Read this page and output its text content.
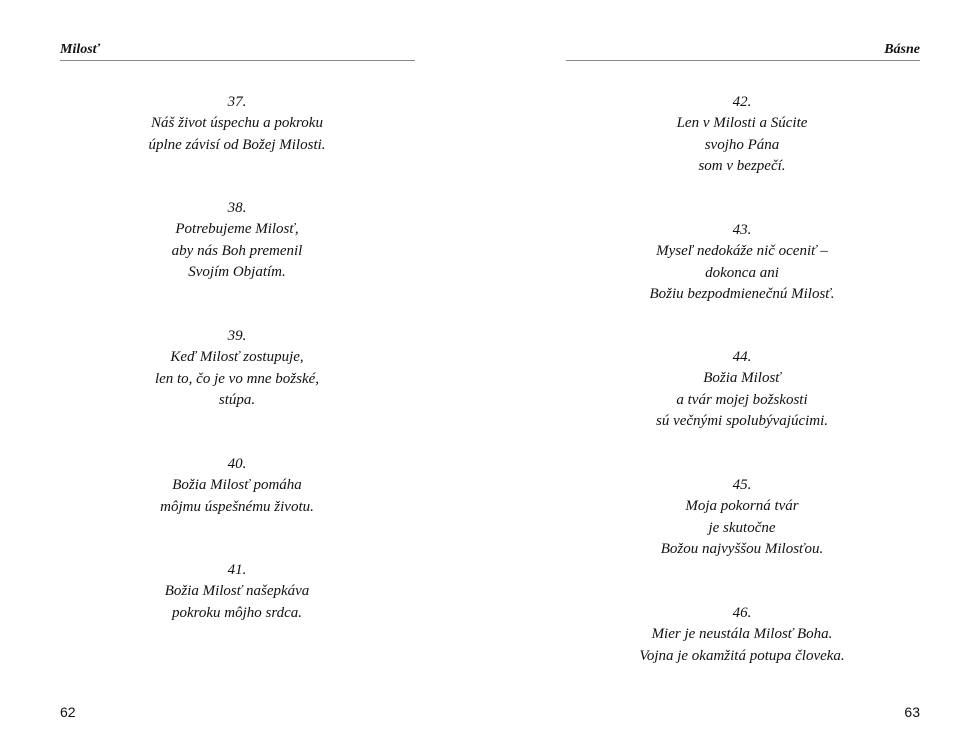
Milosť
37.
Náš život úspechu a pokroku
úplne závisí od Božej Milosti.
38.
Potrebujeme Milosť,
aby nás Boh premenil
Svojím Objatím.
39.
Keď Milosť zostupuje,
len to, čo je vo mne božské,
stúpa.
40.
Božia Milosť pomáha
môjmu úspešnému životu.
41.
Božia Milosť našepkáva
pokroku môjho srdca.
62
Básne
42.
Len v Milosti a Súcite
svojho Pána
som v bezpečí.
43.
Myseľ nedokáže nič oceniť –
dokonca ani
Božiu bezpodmienečnú Milosť.
44.
Božia Milosť
a tvár mojej božskosti
sú večnými spolubývajúcimi.
45.
Moja pokorná tvár
je skutočne
Božou najvyššou Milosťou.
46.
Mier je neustála Milosť Boha.
Vojna je okamžitá potupa človeka.
63
